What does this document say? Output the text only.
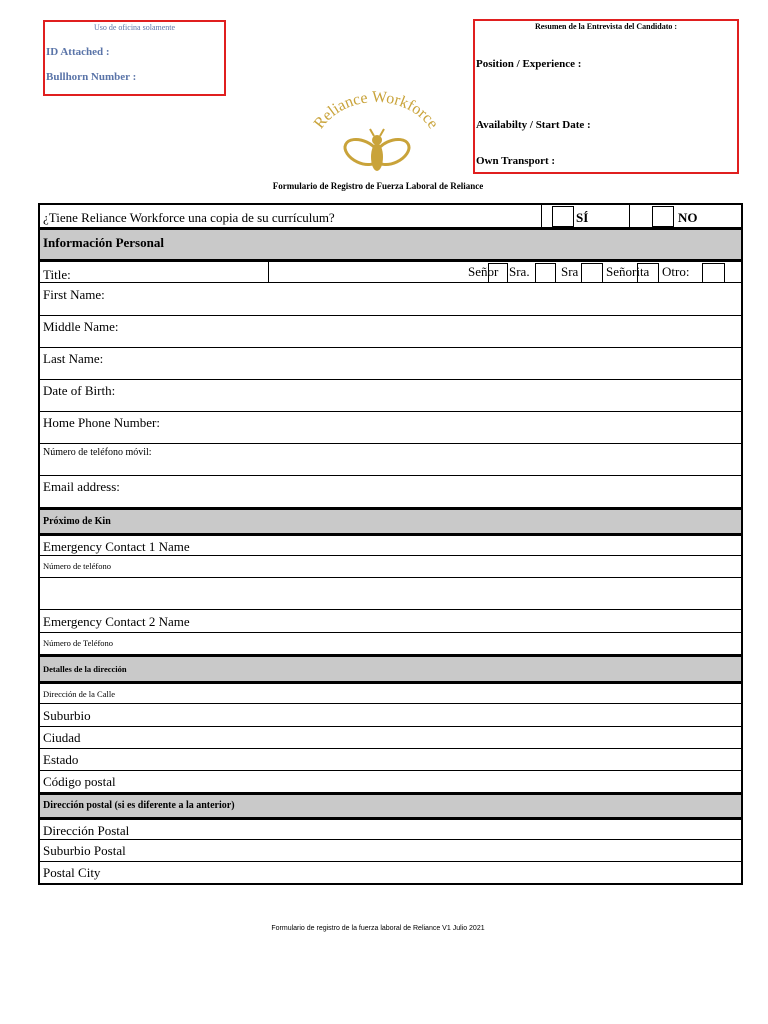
Uso de oficina solamente
ID Attached :
Bullhorn Number :
Resumen de la Entrevista del Candidato :
Position / Experience :
Availabilty / Start Date :
Own Transport :
Reliance Workforce
Formulario de Registro de Fuerza Laboral de Reliance
¿Tiene Reliance Workforce una copia de su currículum?	SÍ	NO
Información Personal
Title:	Señor Sra. Sra Señorita Otro:
First Name:
Middle Name:
Last Name:
Date of Birth:
Home Phone Number:
Número de teléfono móvil:
Email address:
Próximo de Kin
Emergency Contact 1 Name
Número de teléfono
Emergency Contact 2 Name
Número de Teléfono
Detalles de la dirección
Dirección de la Calle
Suburbio
Ciudad
Estado
Código postal
Dirección postal (si es diferente a la anterior)
Dirección Postal
Suburbio Postal
Postal City
Formulario de registro de la fuerza laboral de Reliance V1 Julio 2021
